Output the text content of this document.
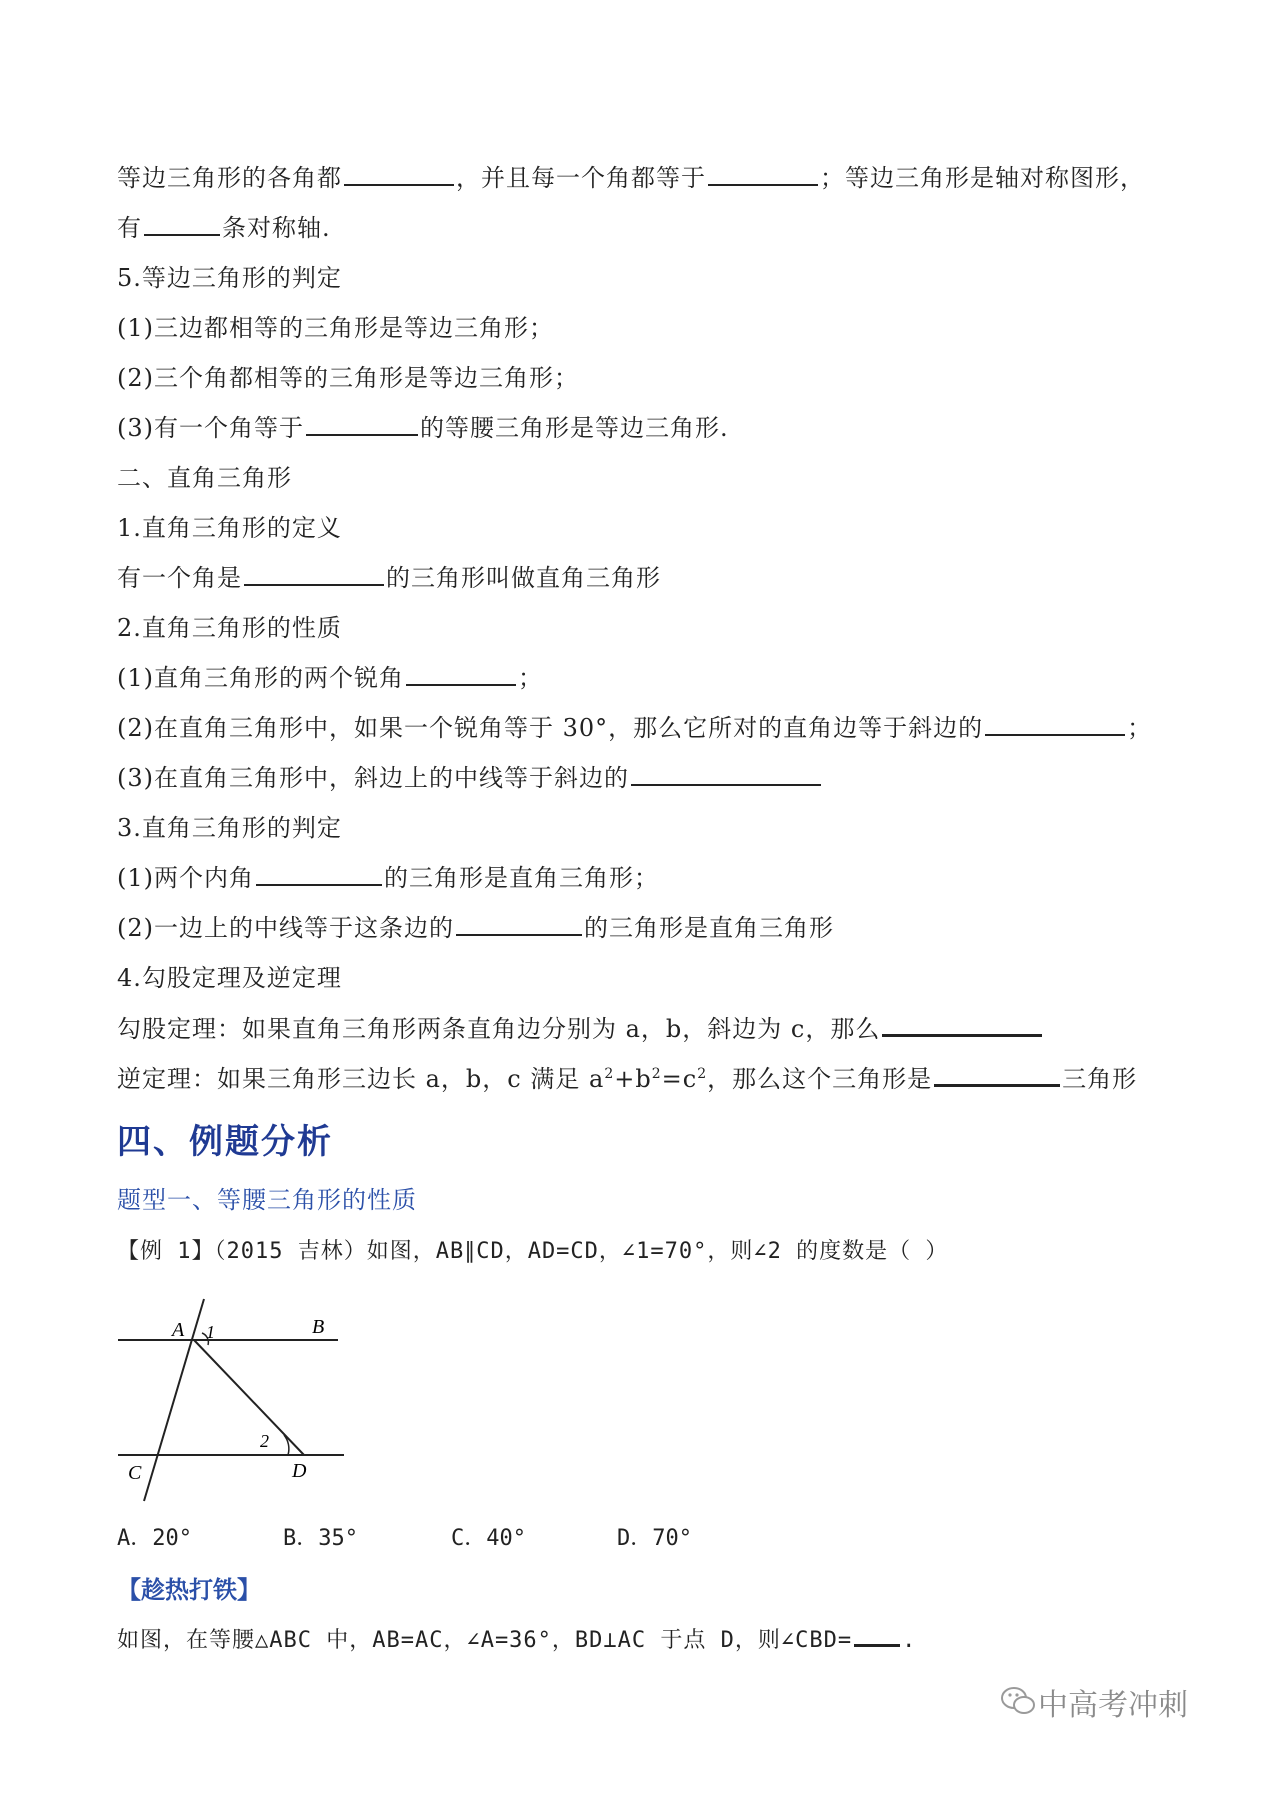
等边三角形的各角都	，并且每一个角都等于	；等边三角形是轴对称图形，
有	条对称轴.
5.等边三角形的判定
(1)三边都相等的三角形是等边三角形；
(2)三个角都相等的三角形是等边三角形；
(3)有一个角等于	的等腰三角形是等边三角形.
二、直角三角形
1.直角三角形的定义
有一个角是	的三角形叫做直角三角形
2.直角三角形的性质
(1)直角三角形的两个锐角	；
(2)在直角三角形中，如果一个锐角等于 30°，那么它所对的直角边等于斜边的	；
(3)在直角三角形中，斜边上的中线等于斜边的
3.直角三角形的判定
(1)两个内角	的三角形是直角三角形；
(2)一边上的中线等于这条边的	的三角形是直角三角形
4.勾股定理及逆定理
勾股定理：如果直角三角形两条直角边分别为 a，b，斜边为 c，那么
逆定理：如果三角形三边长 a，b，c 满足 $a^2+b^2=c^2$，那么这个三角形是	三角形
四、例题分析
题型一、等腰三角形的性质
【例 1】（2015 吉林）如图，AB∥CD，AD=CD，∠1=70°，则∠2 的度数是（ ）
A 1	B
2
C	D
A．20°	B．35°	C．40°	D．70°
【趁热打铁】
如图，在等腰△ABC 中，AB=AC，∠A=36°，BD⊥AC 于点 D，则∠CBD= .
中高考冲刺
